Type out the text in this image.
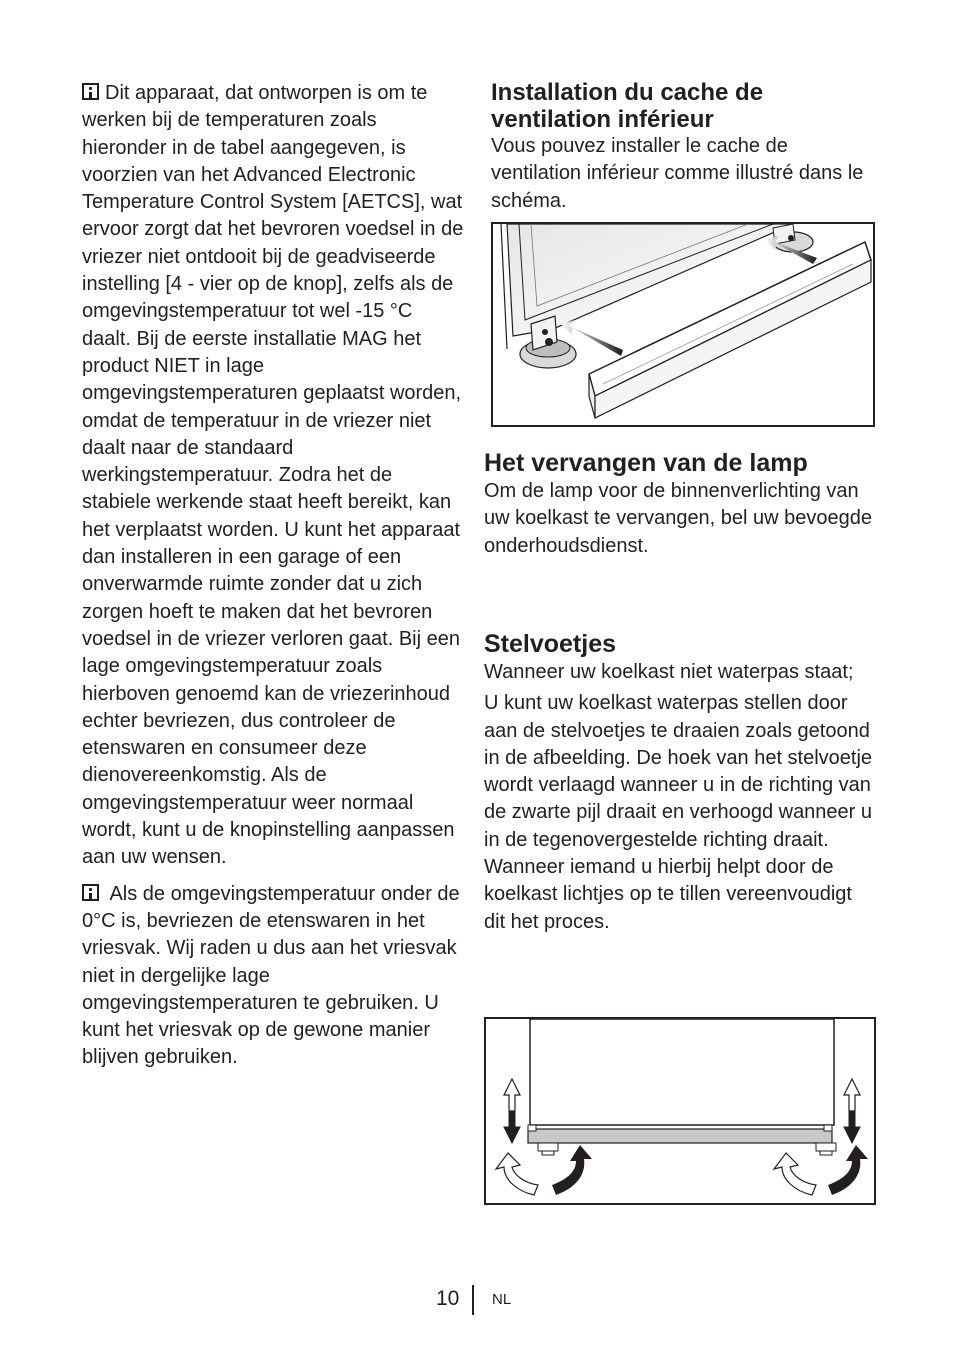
Dit apparaat, dat ontworpen is om te werken bij de temperaturen zoals hieronder in de tabel aangegeven, is voorzien van het Advanced Electronic Temperature Control System [AETCS], wat ervoor zorgt dat het bevroren voedsel in de vriezer niet ontdooit bij de geadviseerde instelling [4 - vier op de knop], zelfs als de omgevingstemperatuur tot wel -15 °C daalt. Bij de eerste installatie MAG het product NIET in lage omgevingstemperaturen geplaatst worden, omdat de temperatuur in de vriezer niet daalt naar de standaard werkingstemperatuur. Zodra het de stabiele werkende staat heeft bereikt, kan het verplaatst worden. U kunt het apparaat dan installeren in een garage of een onverwarmde ruimte zonder dat u zich zorgen hoeft te maken dat het bevroren voedsel in de vriezer verloren gaat. Bij een lage omgevingstemperatuur zoals hierboven genoemd kan de vriezerinhoud echter bevriezen, dus controleer de etenswaren en consumeer deze dienovereenkomstig. Als de omgevingstemperatuur weer normaal wordt, kunt u de knopinstelling aanpassen aan uw wensen.

Als de omgevingstemperatuur onder de 0°C is, bevriezen de etenswaren in het vriesvak. Wij raden u dus aan het vriesvak niet in dergelijke lage omgevingstemperaturen te gebruiken. U kunt het vriesvak op de gewone manier blijven gebruiken.

Installation du cache de ventilation inférieur

Vous pouvez installer le cache de ventilation inférieur comme illustré dans le schéma.

Het vervangen van de lamp

Om de lamp voor de binnenverlichting van uw koelkast te vervangen, bel uw bevoegde onderhoudsdienst.

Stelvoetjes

Wanneer uw koelkast niet waterpas staat;

U kunt uw koelkast waterpas stellen door aan de stelvoetjes te draaien zoals getoond in de afbeelding. De hoek van het stelvoetje wordt verlaagd wanneer u in de richting van de zwarte pijl draait en verhoogd wanneer u in de tegenovergestelde richting draait. Wanneer iemand u hierbij helpt door de koelkast lichtjes op te tillen vereenvoudigt dit het proces.

10 NL
